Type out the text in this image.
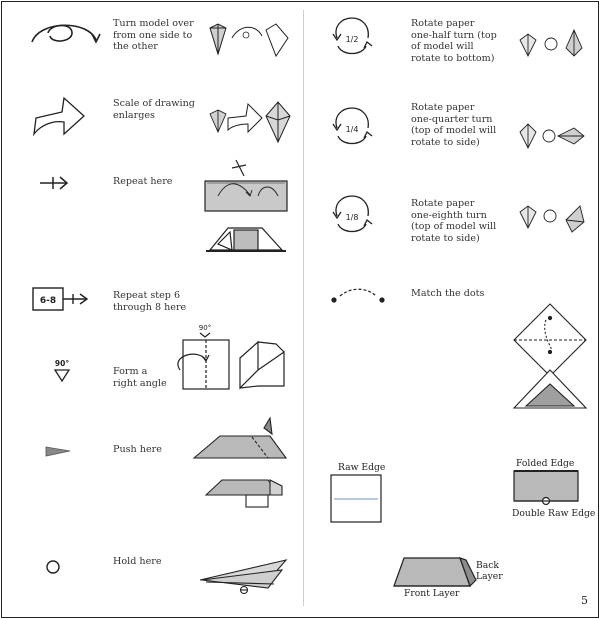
Turn model over from one side to the other
Scale of drawing enlarges
Repeat here
Repeat step 6 through 8 here
Form a right angle
Push here
Hold here
Rotate paper one-half turn (top of model will rotate to bottom)
Rotate paper one-quarter turn (top of model will rotate to side)
Rotate paper one-eighth turn (top of model will rotate to side)
Match the dots
Raw Edge	Folded Edge
Double Raw Edge
Back Layer
Front Layer
5
6-8
90°
90°
1/2
1/4
1/8
